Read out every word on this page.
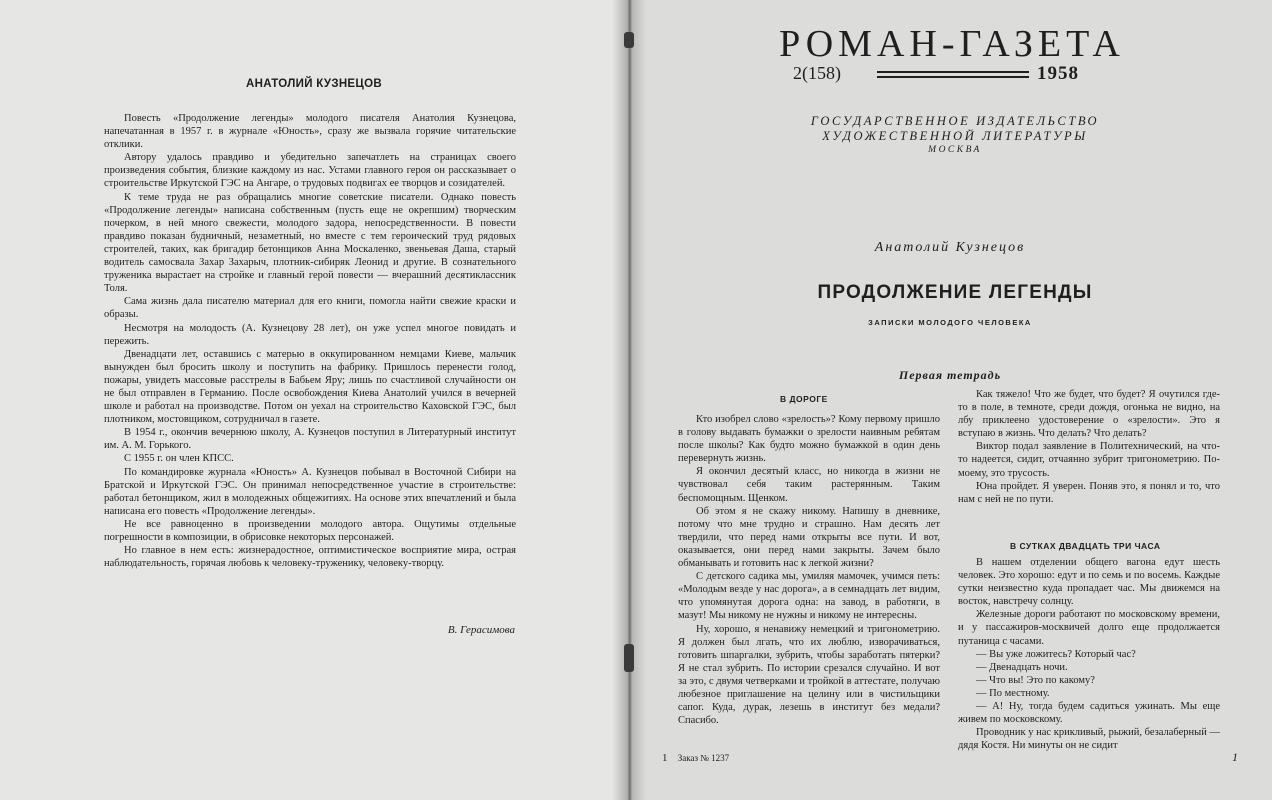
АНАТОЛИЙ КУЗНЕЦОВ

Повесть «Продолжение легенды» молодого писателя Анатолия Кузнецова, напечатанная в 1957 г. в журнале «Юность», сразу же вызвала горячие читательские отклики.

Автору удалось правдиво и убедительно запечатлеть на страницах своего произведения события, близкие каждому из нас. Устами главного героя он рассказывает о строительстве Иркутской ГЭС на Ангаре, о трудовых подвигах ее творцов и созидателей.

К теме труда не раз обращались многие советские писатели. Однако повесть «Продолжение легенды» написана собственным (пусть еще не окрепшим) творческим почерком, в ней много свежести, молодого задора, непосредственности. В повести правдиво показан будничный, незаметный, но вместе с тем героический труд рядовых строителей, таких, как бригадир бетонщиков Анна Москаленко, звеньевая Даша, старый водитель самосвала Захар Захарыч, плотник-сибиряк Леонид и другие. В сознательного труженика вырастает на стройке и главный герой повести — вчерашний десятиклассник Толя.

Сама жизнь дала писателю материал для его книги, помогла найти свежие краски и образы.

Несмотря на молодость (А. Кузнецову 28 лет), он уже успел многое повидать и пережить.

Двенадцати лет, оставшись с матерью в оккупированном немцами Киеве, мальчик вынужден был бросить школу и поступить на фабрику. Пришлось перенести голод, пожары, увидеть массовые расстрелы в Бабьем Яру; лишь по счастливой случайности он не был отправлен в Германию. После освобождения Киева Анатолий учился в вечерней школе и работал на производстве. Потом он уехал на строительство Каховской ГЭС, был плотником, мостовщиком, сотрудничал в газете.

В 1954 г., окончив вечернюю школу, А. Кузнецов поступил в Литературный институт им. А. М. Горького.

С 1955 г. он член КПСС.

По командировке журнала «Юность» А. Кузнецов побывал в Восточной Сибири на Братской и Иркутской ГЭС. Он принимал непосредственное участие в строительстве: работал бетонщиком, жил в молодежных общежитиях. На основе этих впечатлений и была написана его повесть «Продолжение легенды».

Не все равноценно в произведении молодого автора. Ощутимы отдельные погрешности в композиции, в обрисовке некоторых персонажей.

Но главное в нем есть: жизнерадостное, оптимистическое восприятие мира, острая наблюдательность, горячая любовь к человеку-труженику, человеку-творцу.

В. Герасимова
РОМАН-ГАЗЕТА
2(158)	1958
ГОСУДАРСТВЕННОЕ ИЗДАТЕЛЬСТВО
ХУДОЖЕСТВЕННОЙ ЛИТЕРАТУРЫ
МОСКВА
Анатолий Кузнецов
ПРОДОЛЖЕНИЕ ЛЕГЕНДЫ
ЗАПИСКИ МОЛОДОГО ЧЕЛОВЕКА
Первая тетрадь
В ДОРОГЕ

Кто изобрел слово «зрелость»? Кому первому пришло в голову выдавать бумажки о зрелости наивным ребятам после школы? Как будто можно бумажкой в один день перевернуть жизнь.

Я окончил десятый класс, но никогда в жизни не чувствовал себя таким растерянным. Таким беспомощным. Щенком.

Об этом я не скажу никому. Напишу в дневнике, потому что мне трудно и страшно. Нам десять лет твердили, что перед нами открыты все пути. И вот, оказывается, они перед нами закрыты. Зачем было обманывать и готовить нас к легкой жизни?

С детского садика мы, умиляя мамочек, учимся петь: «Молодым везде у нас дорога», а в семнадцать лет видим, что упомянутая дорога одна: на завод, в работяги, в мазут! Мы никому не нужны и никому не интересны.

Ну, хорошо, я ненавижу немецкий и тригонометрию. Я должен был лгать, что их люблю, изворачиваться, готовить шпаргалки, зубрить, чтобы заработать пятерки? Я не стал зубрить. По истории срезался случайно. И вот за это, с двумя четверками и тройкой в аттестате, получаю любезное приглашение на целину или в чистильщики сапог. Куда, дурак, лезешь в институт без медали? Спасибо.

Как тяжело! Что же будет, что будет? Я очутился где-то в поле, в темноте, среди дождя, огонька не видно, на лбу приклеено удостоверение о «зрелости». Это я вступаю в жизнь. Что делать? Что делать?

Виктор подал заявление в Политехнический, на что-то надеется, сидит, отчаянно зубрит тригонометрию. По-моему, это трусость.

Юна пройдет. Я уверен. Поняв это, я понял и то, что нам с ней не по пути.

В СУТКАХ ДВАДЦАТЬ ТРИ ЧАСА

В нашем отделении общего вагона едут шесть человек. Это хорошо: едут и по семь и по восемь. Каждые сутки неизвестно куда пропадает час. Мы движемся на восток, навстречу солнцу.

Железные дороги работают по московскому времени, и у пассажиров-москвичей долго еще продолжается путаница с часами.

— Вы уже ложитесь? Который час?

— Двенадцать ночи.

— Что вы! Это по какому?

— По местному.

— А! Ну, тогда будем садиться ужинать. Мы еще живем по московскому.

Проводник у нас крикливый, рыжий, безалаберный — дядя Костя. Ни минуты он не сидит

1 Заказ № 1237	1
